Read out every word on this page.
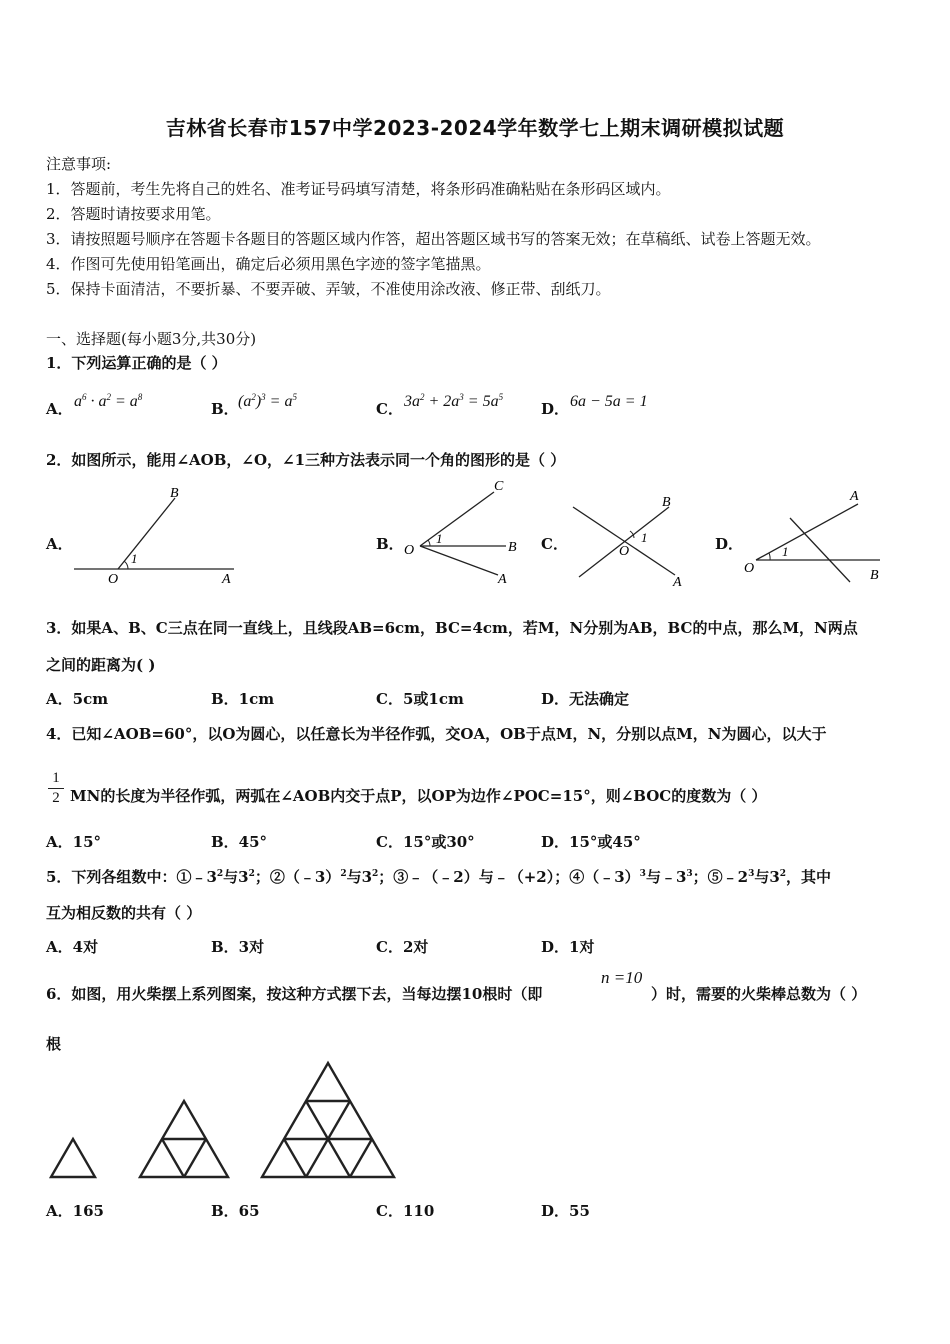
吉林省长春市157中学2023-2024学年数学七上期末调研模拟试题
注意事项:
1．答题前，考生先将自己的姓名、准考证号码填写清楚，将条形码准确粘贴在条形码区域内。
2．答题时请按要求用笔。
3．请按照题号顺序在答题卡各题目的答题区域内作答，超出答题区域书写的答案无效；在草稿纸、试卷上答题无效。
4．作图可先使用铅笔画出，确定后必须用黑色字迹的签字笔描黑。
5．保持卡面清洁，不要折暴、不要弄破、弄皱，不准使用涂改液、修正带、刮纸刀。
一、选择题(每小题3分,共30分)
1．下列运算正确的是（ ）
A． $a^6 \cdot a^2 = a^8$
B． $(a^2)^3 = a^5$
C． $3a^2 + 2a^3 = 5a^5$
D． 6a − 5a = 1
2．如图所示，能用∠AOB，∠O，∠1三种方法表示同一个角的图形的是（ ）
A．	B．	C．	D．
B
O	A
1
C
O	B
A
1
B
O
A
1
A
O	B
1
3．如果A、B、C三点在同一直线上，且线段AB=6cm，BC=4cm，若M，N分别为AB，BC的中点，那么M，N两点
之间的距离为( )
A．5cm	B．1cm	C．5或1cm	D．无法确定
4．已知∠AOB=60°，以O为圆心，以任意长为半径作弧，交OA，OB于点M，N，分别以点M，N为圆心，以大于
1
2 MN的长度为半径作弧，两弧在∠AOB内交于点P，以OP为边作∠POC=15°，则∠BOC的度数为（ ）
A．15°	B．45°	C．15°或30°	D．15°或45°
5．下列各组数中：$①﹣3^2$与$3^2$；②（﹣3）$^2$与$3^2$；③﹣（﹣2）与﹣（+2）；④（﹣3）$^3$与$﹣3^3$；$⑤﹣2^3$与$3^2$，其中
互为相反数的共有（ ）
A．4对	B．3对	C．2对	D．1对
6．如图，用火柴摆上系列图案，按这种方式摆下去，当每边摆10根时（即
n =10
）时，需要的火柴棒总数为（ ）
根
A．165	B．65	C．110	D．55
